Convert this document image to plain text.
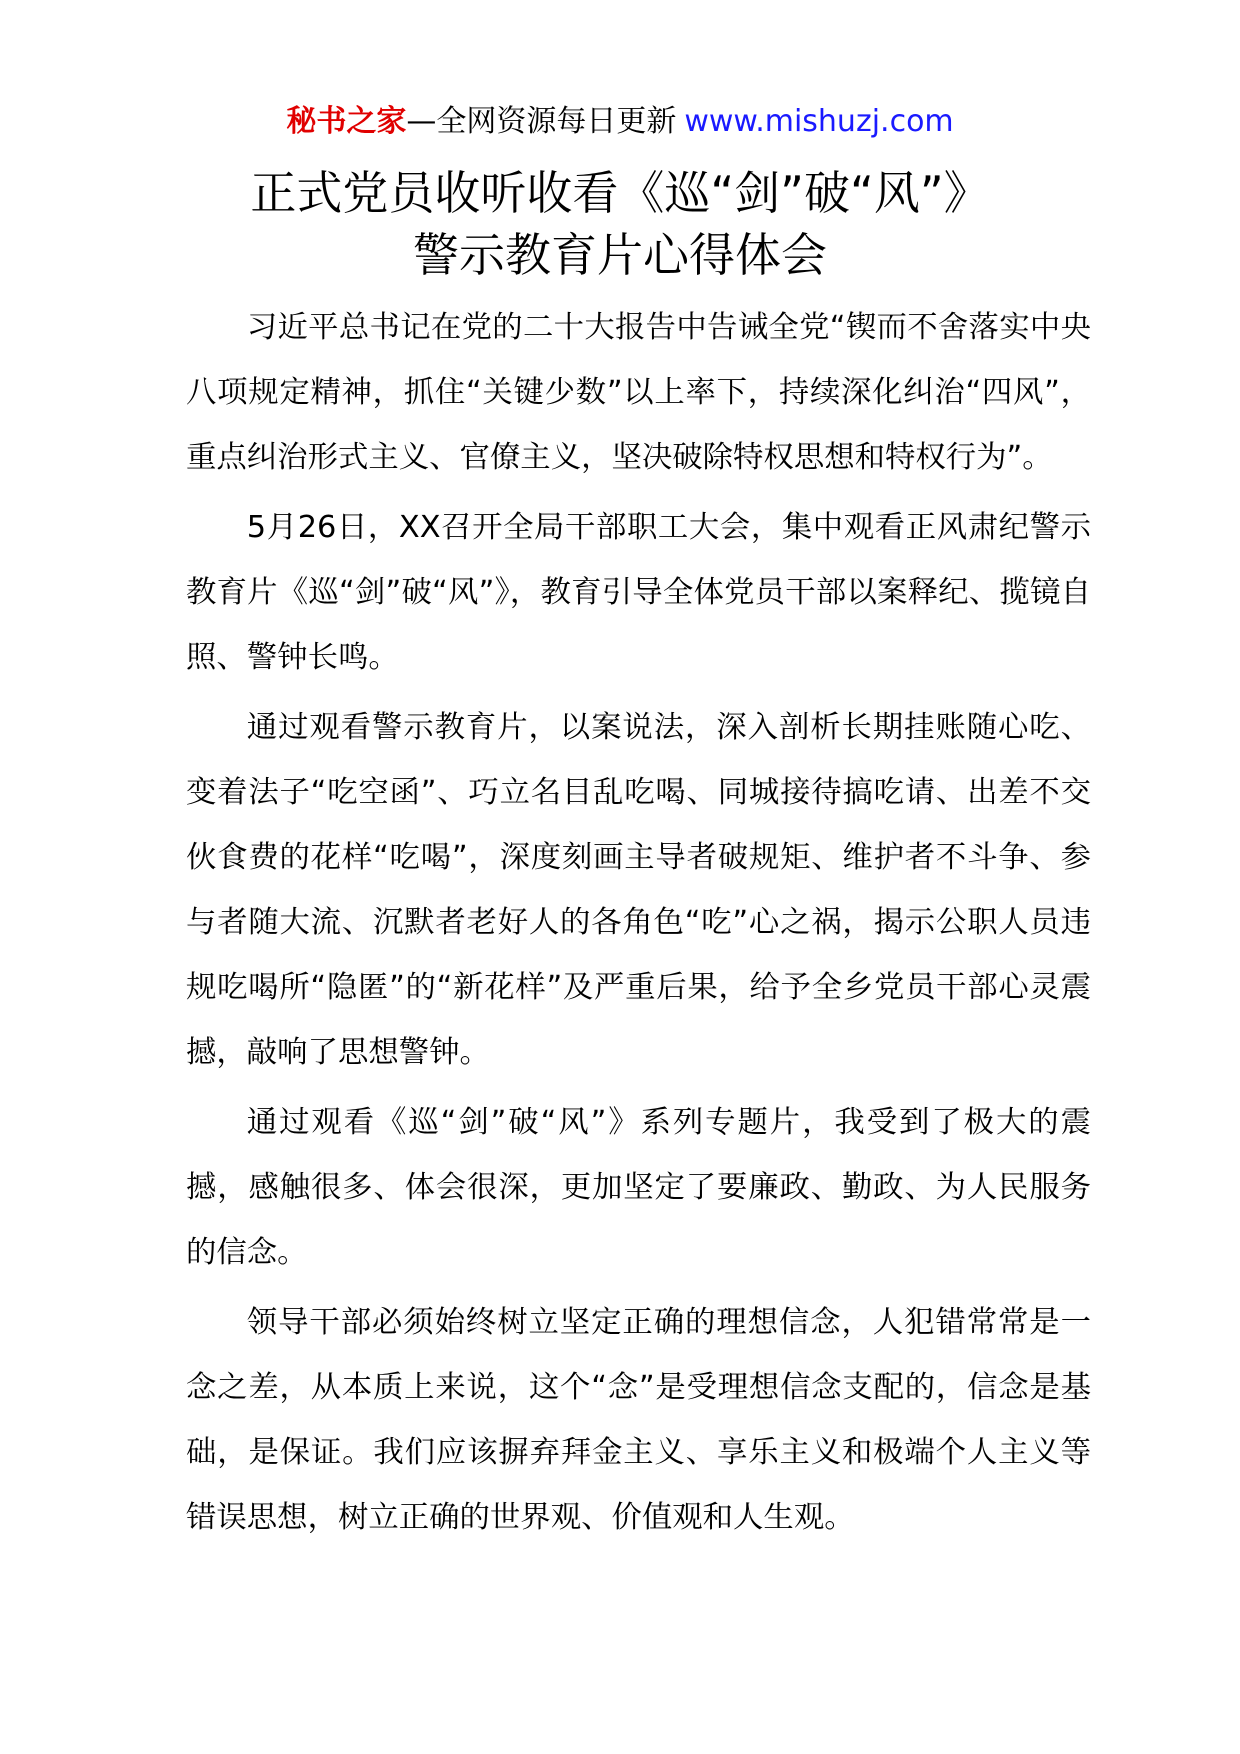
秘书之家—全网资源每日更新 www.mishuzj.com
正式党员收听收看《巡“剑”破“风”》
警示教育片心得体会

习近平总书记在党的二十大报告中告诫全党“锲而不舍落实中央八项规定精神，抓住“关键少数”以上率下，持续深化纠治“四风”，重点纠治形式主义、官僚主义，坚决破除特权思想和特权行为”。

5月26日，XX召开全局干部职工大会，集中观看正风肃纪警示教育片《巡“剑”破“风”》，教育引导全体党员干部以案释纪、揽镜自照、警钟长鸣。

通过观看警示教育片，以案说法，深入剖析长期挂账随心吃、变着法子“吃空函”、巧立名目乱吃喝、同城接待搞吃请、出差不交伙食费的花样“吃喝”，深度刻画主导者破规矩、维护者不斗争、参与者随大流、沉默者老好人的各角色“吃”心之祸，揭示公职人员违规吃喝所“隐匿”的“新花样”及严重后果，给予全乡党员干部心灵震撼，敲响了思想警钟。

通过观看《巡“剑”破“风”》系列专题片，我受到了极大的震撼，感触很多、体会很深，更加坚定了要廉政、勤政、为人民服务的信念。

领导干部必须始终树立坚定正确的理想信念，人犯错常常是一念之差，从本质上来说，这个“念”是受理想信念支配的，信念是基础，是保证。我们应该摒弃拜金主义、享乐主义和极端个人主义等错误思想，树立正确的世界观、价值观和人生观。
